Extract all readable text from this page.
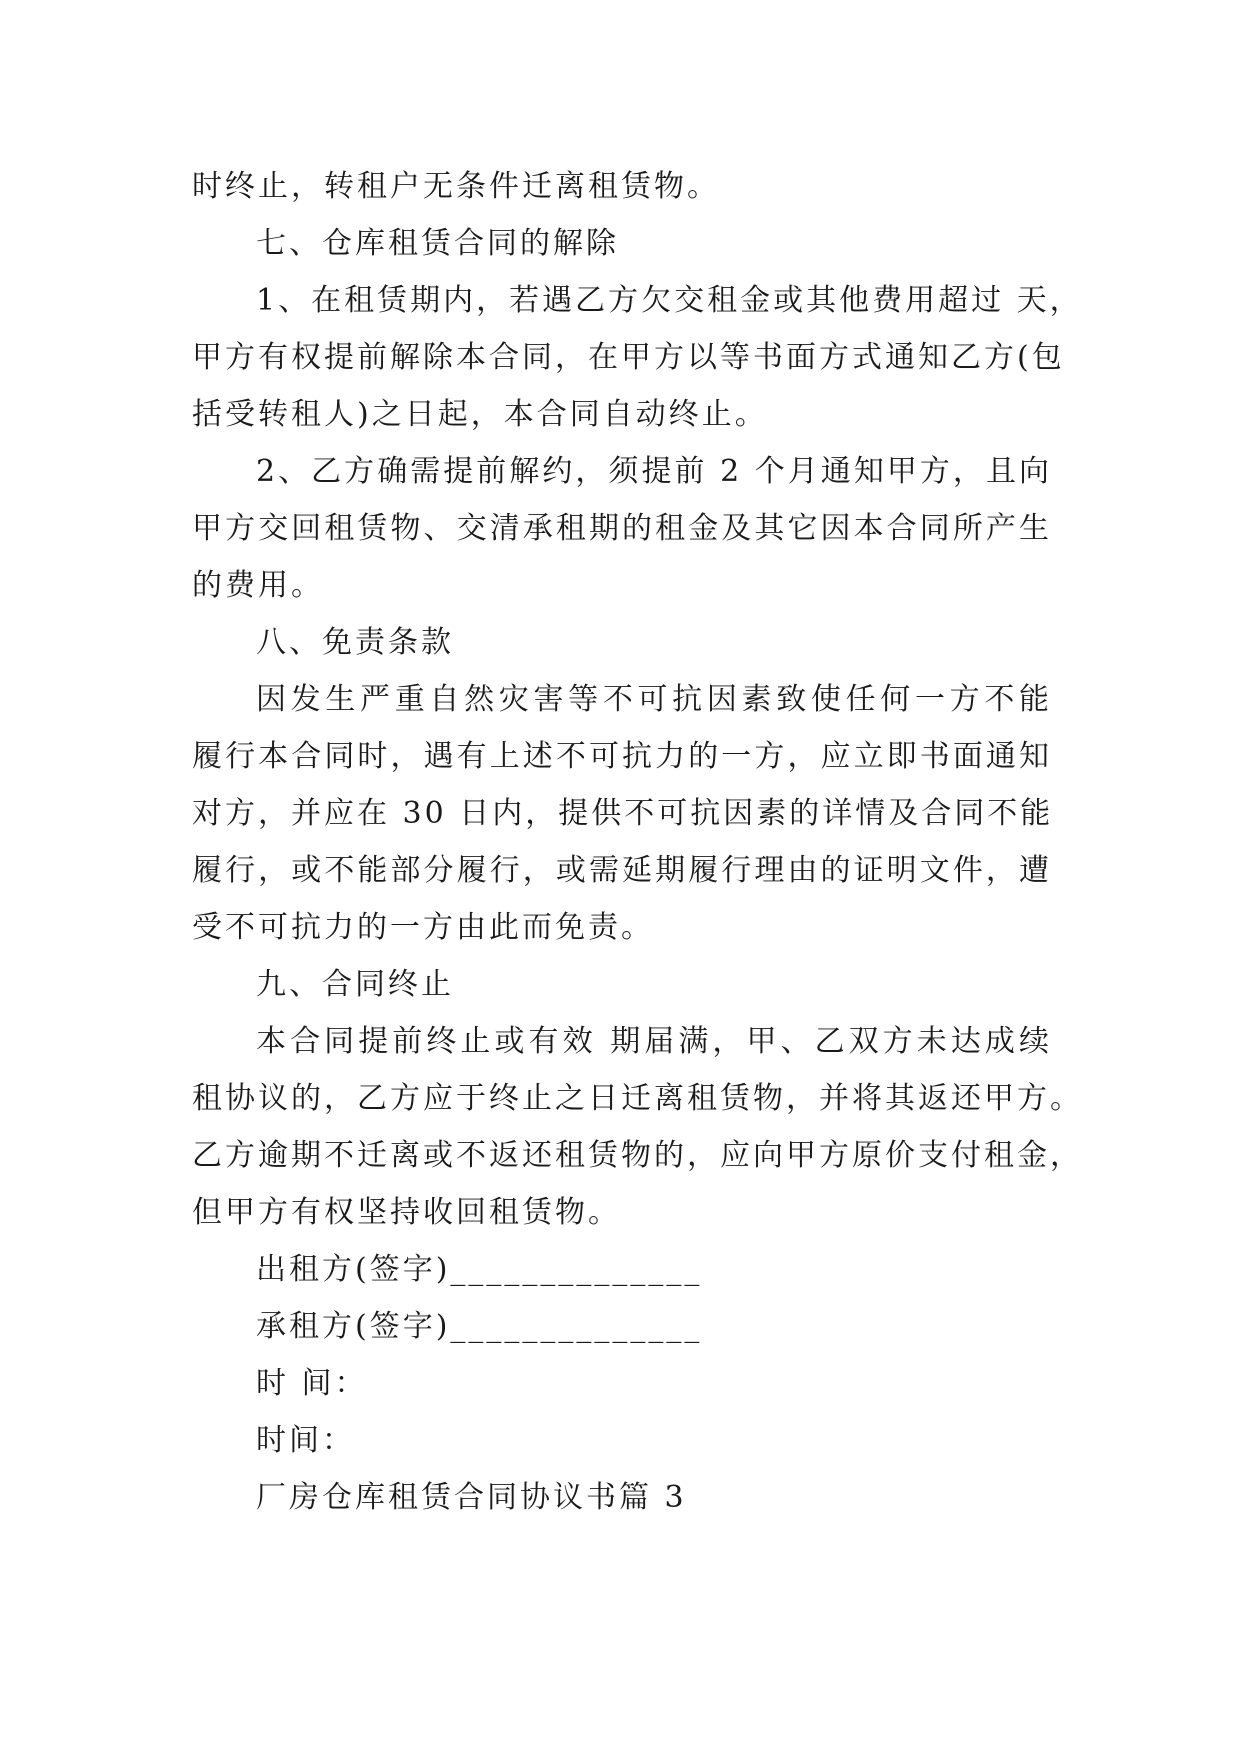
时终止，转租户无条件迁离租赁物。

七、仓库租赁合同的解除

1、在租赁期内，若遇乙方欠交租金或其他费用超过 天，

甲方有权提前解除本合同，在甲方以等书面方式通知乙方(包

括受转租人)之日起，本合同自动终止。

2、乙方确需提前解约，须提前 2 个月通知甲方，且向

甲方交回租赁物、交清承租期的租金及其它因本合同所产生

的费用。

八、免责条款

因发生严重自然灾害等不可抗因素致使任何一方不能

履行本合同时，遇有上述不可抗力的一方，应立即书面通知

对方，并应在 30 日内，提供不可抗因素的详情及合同不能

履行，或不能部分履行，或需延期履行理由的证明文件，遭

受不可抗力的一方由此而免责。

九、合同终止

本合同提前终止或有效 期届满，甲、乙双方未达成续

租协议的，乙方应于终止之日迁离租赁物，并将其返还甲方。

乙方逾期不迁离或不返还租赁物的，应向甲方原价支付租金，

但甲方有权坚持收回租赁物。

出租方(签字)______________

承租方(签字)______________

时 间：

时间：

厂房仓库租赁合同协议书篇 3
